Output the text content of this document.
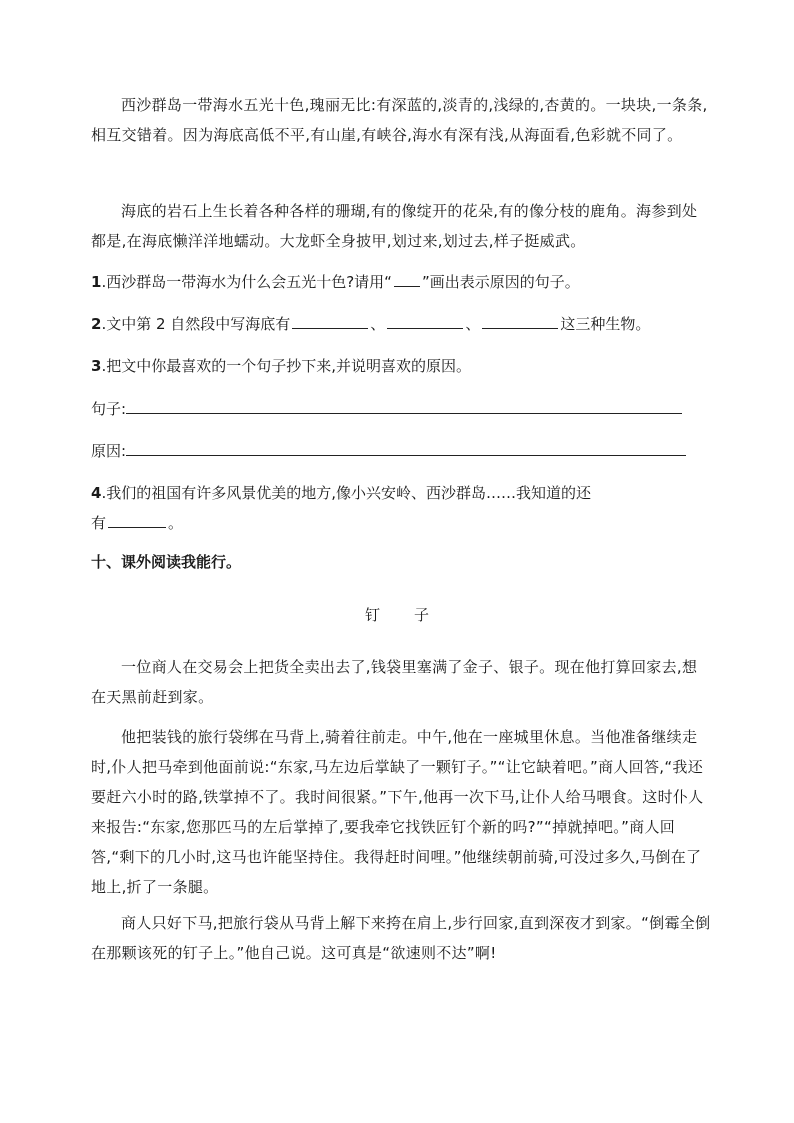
西沙群岛一带海水五光十色,瑰丽无比:有深蓝的,淡青的,浅绿的,杏黄的。一块块,一条条,相互交错着。因为海底高低不平,有山崖,有峡谷,海水有深有浅,从海面看,色彩就不同了。
海底的岩石上生长着各种各样的珊瑚,有的像绽开的花朵,有的像分枝的鹿角。海参到处都是,在海底懒洋洋地蠕动。大龙虾全身披甲,划过来,划过去,样子挺威武。
1.西沙群岛一带海水为什么会五光十色?请用“ ”画出表示原因的句子。
2.文中第 2 自然段中写海底有	、	、	这三种生物。
3.把文中你最喜欢的一个句子抄下来,并说明喜欢的原因。
句子:
原因:
4.我们的祖国有许多风景优美的地方,像小兴安岭、西沙群岛……我知道的还
有	。
十、课外阅读我能行。
钉子
一位商人在交易会上把货全卖出去了,钱袋里塞满了金子、银子。现在他打算回家去,想在天黑前赶到家。
他把装钱的旅行袋绑在马背上,骑着往前走。中午,他在一座城里休息。当他准备继续走时,仆人把马牵到他面前说:“东家,马左边后掌缺了一颗钉子。”“让它缺着吧。”商人回答,“我还要赶六小时的路,铁掌掉不了。我时间很紧。”下午,他再一次下马,让仆人给马喂食。这时仆人来报告:“东家,您那匹马的左后掌掉了,要我牵它找铁匠钉个新的吗?”“掉就掉吧。”商人回答,“剩下的几小时,这马也许能坚持住。我得赶时间哩。”他继续朝前骑,可没过多久,马倒在了地上,折了一条腿。
商人只好下马,把旅行袋从马背上解下来挎在肩上,步行回家,直到深夜才到家。“倒霉全倒在那颗该死的钉子上。”他自己说。这可真是“欲速则不达”啊!
